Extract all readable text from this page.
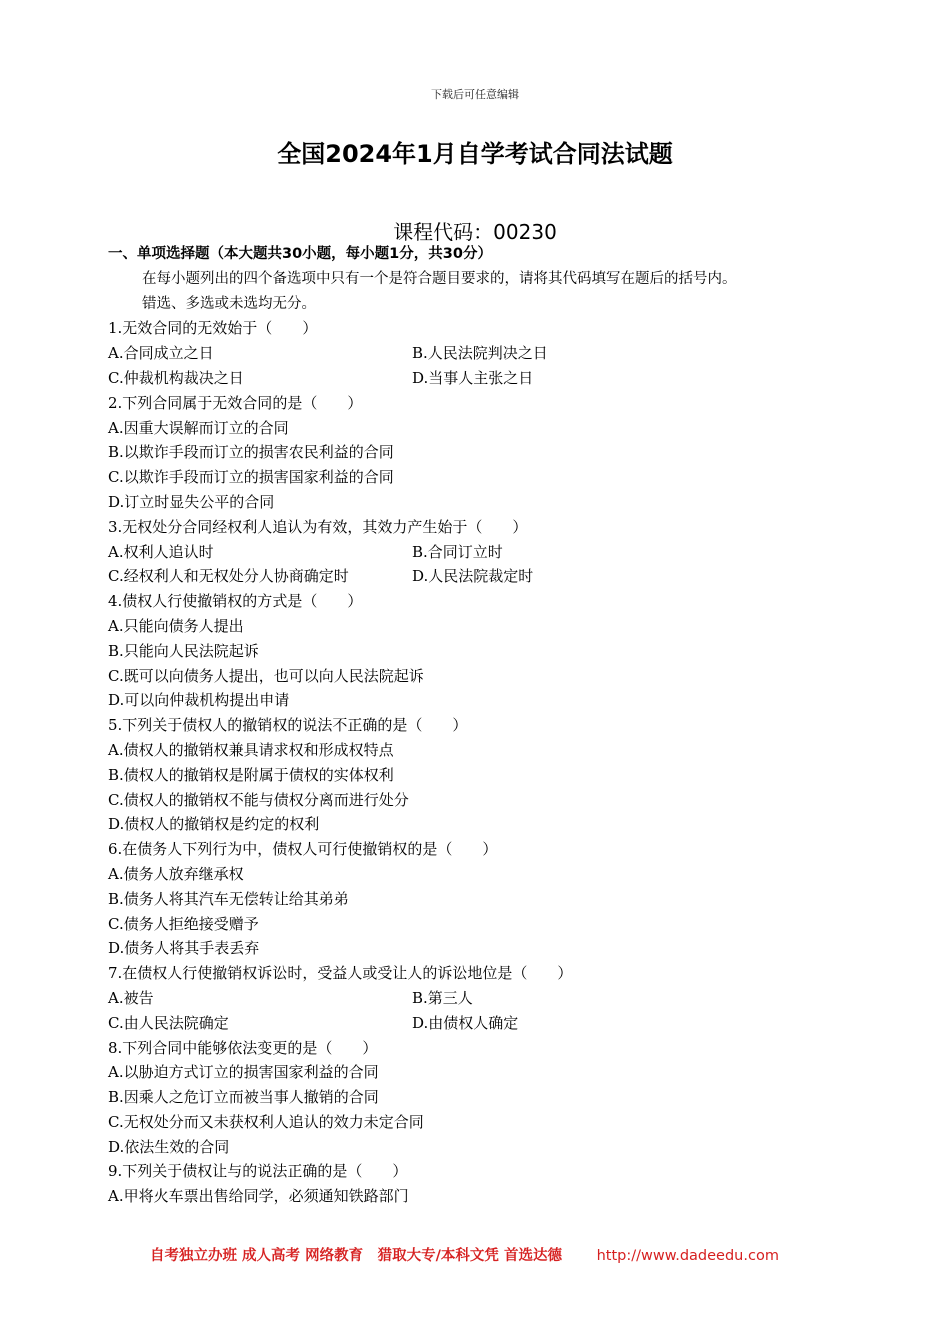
下载后可任意编辑
全国2024年1月自学考试合同法试题
课程代码：00230
一、单项选择题（本大题共30小题，每小题1分，共30分）
在每小题列出的四个备选项中只有一个是符合题目要求的，请将其代码填写在题后的括号内。
错选、多选或未选均无分。
1.无效合同的无效始于（　　）
A.合同成立之日	B.人民法院判决之日
C.仲裁机构裁决之日	D.当事人主张之日
2.下列合同属于无效合同的是（　　）
A.因重大误解而订立的合同
B.以欺诈手段而订立的损害农民利益的合同
C.以欺诈手段而订立的损害国家利益的合同
D.订立时显失公平的合同
3.无权处分合同经权利人追认为有效，其效力产生始于（　　）
A.权利人追认时	B.合同订立时
C.经权利人和无权处分人协商确定时	D.人民法院裁定时
4.债权人行使撤销权的方式是（　　）
A.只能向债务人提出
B.只能向人民法院起诉
C.既可以向债务人提出，也可以向人民法院起诉
D.可以向仲裁机构提出申请
5.下列关于债权人的撤销权的说法不正确的是（　　）
A.债权人的撤销权兼具请求权和形成权特点
B.债权人的撤销权是附属于债权的实体权利
C.债权人的撤销权不能与债权分离而进行处分
D.债权人的撤销权是约定的权利
6.在债务人下列行为中，债权人可行使撤销权的是（　　）
A.债务人放弃继承权
B.债务人将其汽车无偿转让给其弟弟
C.债务人拒绝接受赠予
D.债务人将其手表丢弃
7.在债权人行使撤销权诉讼时，受益人或受让人的诉讼地位是（　　）
A.被告	B.第三人
C.由人民法院确定	D.由债权人确定
8.下列合同中能够依法变更的是（　　）
A.以胁迫方式订立的损害国家利益的合同
B.因乘人之危订立而被当事人撤销的合同
C.无权处分而又未获权利人追认的效力未定合同
D.依法生效的合同
9.下列关于债权让与的说法正确的是（　　）
A.甲将火车票出售给同学，必须通知铁路部门
自考独立办班 成人高考 网络教育　猎取大专/本科文凭 首选达德 http://www.dadeedu.com
